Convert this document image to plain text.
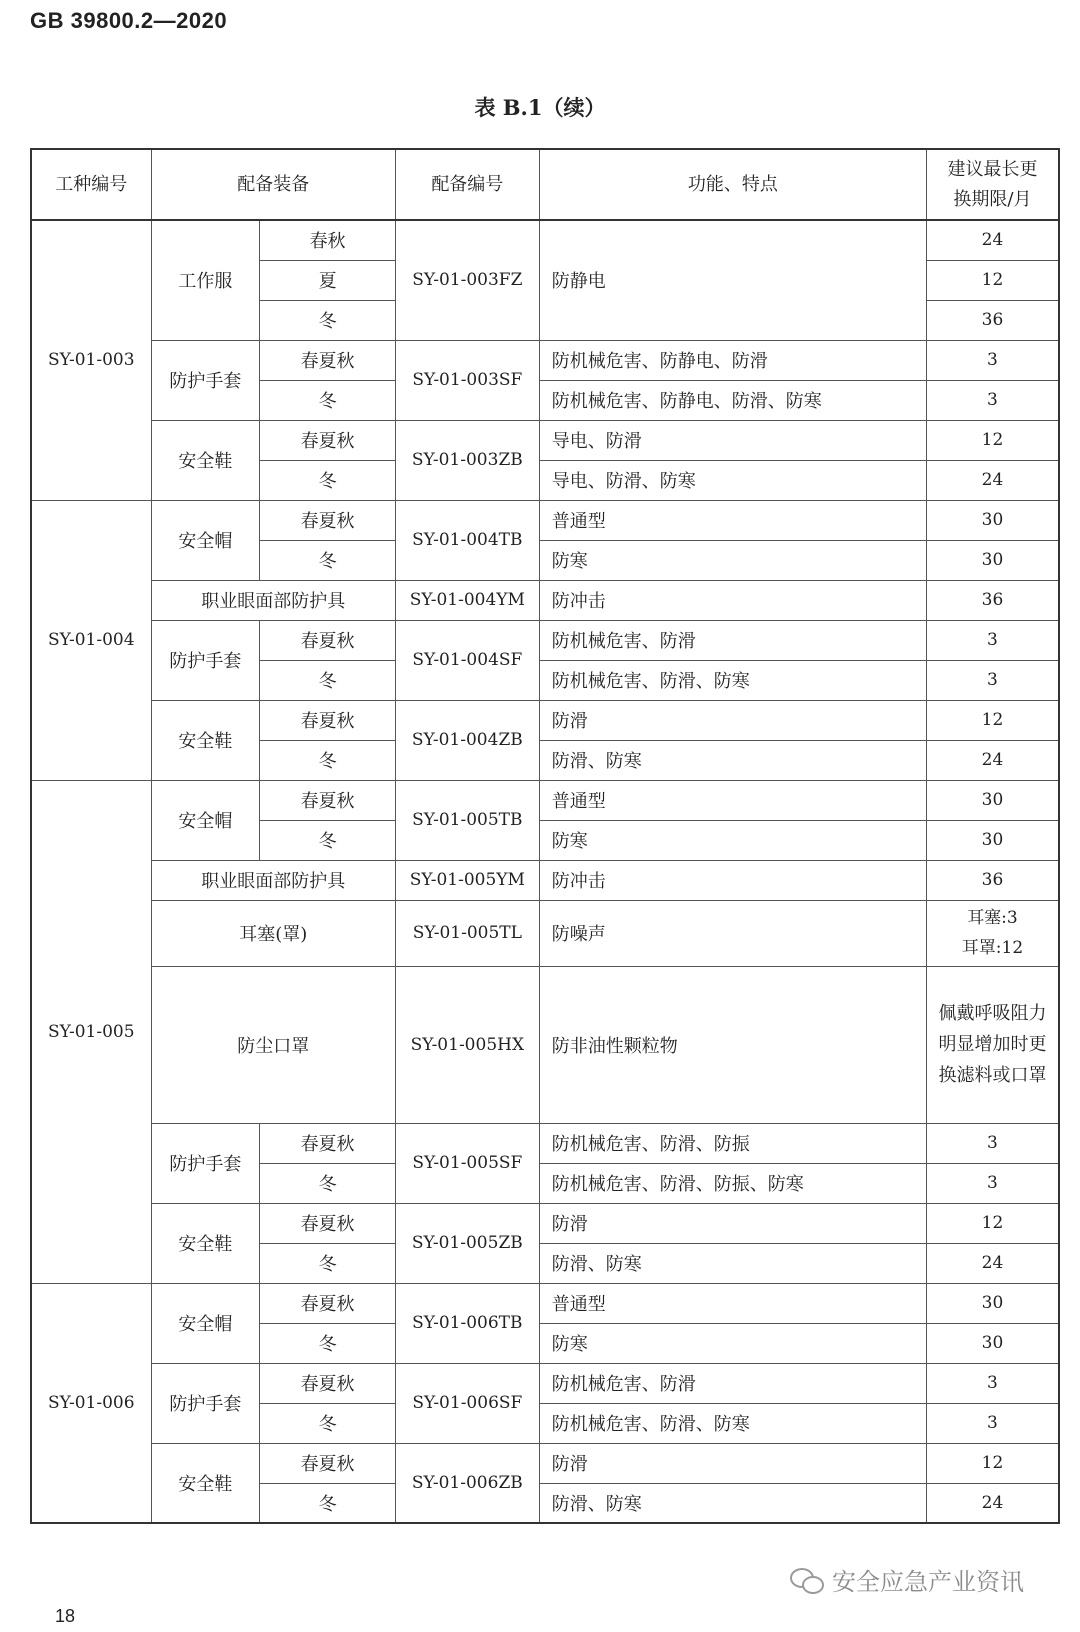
GB 39800.2—2020
表 B.1（续）
工种编号	配备装备		配备编号	功能、特点	建议最长更
换期限/月

SY-01-003	工作服	春秋	SY-01-003FZ	防静电	24
		夏			12
		冬			36
	防护手套	春夏秋	SY-01-003SF	防机械危害、防静电、防滑	3
		冬		防机械危害、防静电、防滑、防寒	3
	安全鞋	春夏秋	SY-01-003ZB	导电、防滑	12
		冬		导电、防滑、防寒	24
SY-01-004	安全帽	春夏秋	SY-01-004TB	普通型	30
		冬		防寒	30
	职业眼面部防护具		SY-01-004YM	防冲击	36
	防护手套	春夏秋	SY-01-004SF	防机械危害、防滑	3
		冬		防机械危害、防滑、防寒	3
	安全鞋	春夏秋	SY-01-004ZB	防滑	12
		冬		防滑、防寒	24
SY-01-005	安全帽	春夏秋	SY-01-005TB	普通型	30
		冬		防寒	30
	职业眼面部防护具		SY-01-005YM	防冲击	36
	耳塞(罩)		SY-01-005TL	防噪声	耳塞:3
耳罩:12

	防尘口罩		SY-01-005HX	防非油性颗粒物	佩戴呼吸阻力
明显增加时更
换滤料或口罩

	防护手套	春夏秋	SY-01-005SF	防机械危害、防滑、防振	3
		冬		防机械危害、防滑、防振、防寒	3
	安全鞋	春夏秋	SY-01-005ZB	防滑	12
		冬		防滑、防寒	24
SY-01-006	安全帽	春夏秋	SY-01-006TB	普通型	30
		冬		防寒	30
	防护手套	春夏秋	SY-01-006SF	防机械危害、防滑	3
		冬		防机械危害、防滑、防寒	3
	安全鞋	春夏秋	SY-01-006ZB	防滑	12
		冬		防滑、防寒	24
安全应急产业资讯
18
